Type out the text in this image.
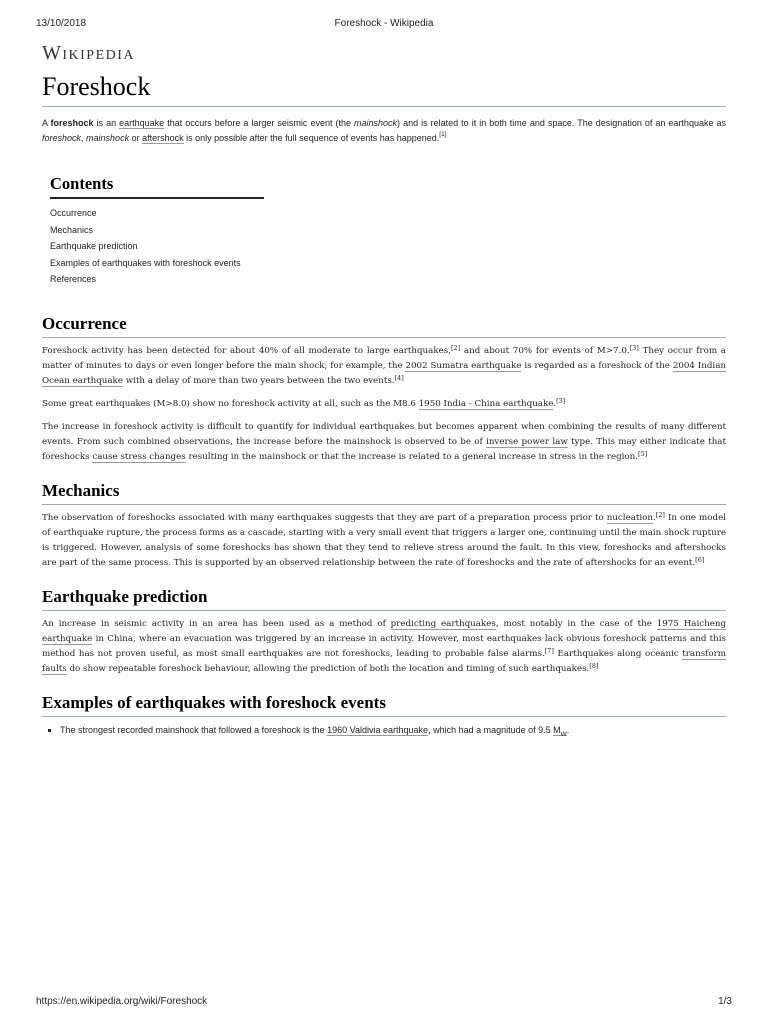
13/10/2018	Foreshock - Wikipedia
Wikipedia
Foreshock

A foreshock is an earthquake that occurs before a larger seismic event (the mainshock) and is related to it in both time and space. The designation of an earthquake as foreshock, mainshock or aftershock is only possible after the full sequence of events has happened.[1]

Contents
Occurrence
Mechanics
Earthquake prediction
Examples of earthquakes with foreshock events
References
Occurrence

Foreshock activity has been detected for about 40% of all moderate to large earthquakes,[2] and about 70% for events of M>7.0.[3] They occur from a matter of minutes to days or even longer before the main shock; for example, the 2002 Sumatra earthquake is regarded as a foreshock of the 2004 Indian Ocean earthquake with a delay of more than two years between the two events.[4]

Some great earthquakes (M>8.0) show no foreshock activity at all, such as the M8.6 1950 India - China earthquake.[3]

The increase in foreshock activity is difficult to quantify for individual earthquakes but becomes apparent when combining the results of many different events. From such combined observations, the increase before the mainshock is observed to be of inverse power law type. This may either indicate that foreshocks cause stress changes resulting in the mainshock or that the increase is related to a general increase in stress in the region.[5]

Mechanics

The observation of foreshocks associated with many earthquakes suggests that they are part of a preparation process prior to nucleation.[2] In one model of earthquake rupture, the process forms as a cascade, starting with a very small event that triggers a larger one, continuing until the main shock rupture is triggered. However, analysis of some foreshocks has shown that they tend to relieve stress around the fault. In this view, foreshocks and aftershocks are part of the same process. This is supported by an observed relationship between the rate of foreshocks and the rate of aftershocks for an event.[6]

Earthquake prediction

An increase in seismic activity in an area has been used as a method of predicting earthquakes, most notably in the case of the 1975 Haicheng earthquake in China, where an evacuation was triggered by an increase in activity. However, most earthquakes lack obvious foreshock patterns and this method has not proven useful, as most small earthquakes are not foreshocks, leading to probable false alarms.[7] Earthquakes along oceanic transform faults do show repeatable foreshock behaviour, allowing the prediction of both the location and timing of such earthquakes.[8]

Examples of earthquakes with foreshock events
▪ The strongest recorded mainshock that followed a foreshock is the 1960 Valdivia earthquake, which had a magnitude of 9.5 $M_W$.
https://en.wikipedia.org/wiki/Foreshock	1/3
